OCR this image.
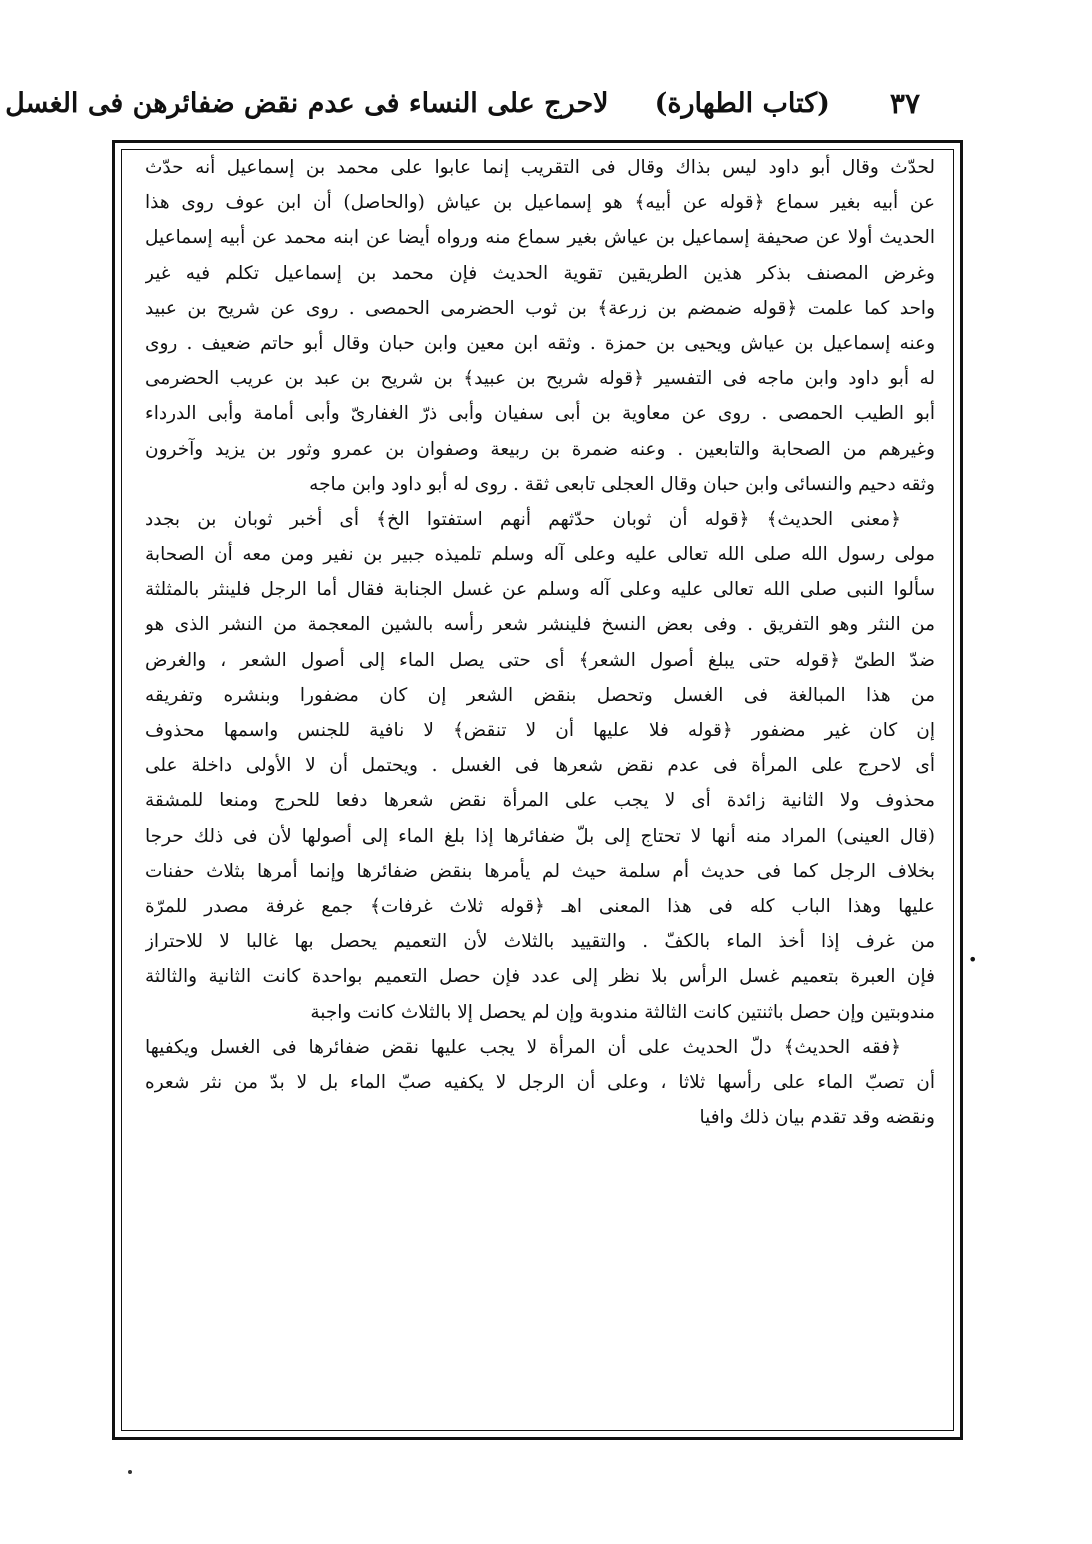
٣٧
(كتاب الطهارة)
لاحرج على النساء فى عدم نقض ضفائرهن فى الغسل
لحدّث وقال أبو داود ليس بذاك وقال فى التقريب إنما عابوا على محمد بن إسماعيل أنه حدّث
عن أبيه بغير سماع ﴿قوله عن أبيه﴾ هو إسماعيل بن عياش (والحاصل) أن ابن عوف روى هذا
الحديث أولا عن صحيفة إسماعيل بن عياش بغير سماع منه ورواه أيضا عن ابنه محمد عن أبيه إسماعيل
وغرض المصنف بذكر هذين الطريقين تقوية الحديث فإن محمد بن إسماعيل تكلم فيه غير
واحد كما علمت ﴿قوله ضمضم بن زرعة﴾ بن ثوب الحضرمى الحمصى . روى عن شريح بن عبيد
وعنه إسماعيل بن عياش ويحيى بن حمزة . وثقه ابن معين وابن حبان وقال أبو حاتم ضعيف . روى
له أبو داود وابن ماجه فى التفسير ﴿قوله شريح بن عبيد﴾ بن شريح بن عبد بن عريب الحضرمى
أبو الطيب الحمصى . روى عن معاوية بن أبى سفيان وأبى ذرّ الغفارىّ وأبى أمامة وأبى الدرداء
وغيرهم من الصحابة والتابعين . وعنه ضمرة بن ربيعة وصفوان بن عمرو وثور بن يزيد وآخرون
وثقه دحيم والنسائى وابن حبان وقال العجلى تابعى ثقة . روى له أبو داود وابن ماجه
﴿معنى الحديث﴾ ﴿قوله أن ثوبان حدّثهم أنهم استفتوا الخ﴾ أى أخبر ثوبان بن بجدد
مولى رسول الله صلى الله تعالى عليه وعلى آله وسلم تلميذه جبير بن نفير ومن معه أن الصحابة
سألوا النبى صلى الله تعالى عليه وعلى آله وسلم عن غسل الجنابة فقال أما الرجل فلينثر بالمثلثة
من النثر وهو التفريق . وفى بعض النسخ فلينشر شعر رأسه بالشين المعجمة من النشر الذى هو
ضدّ الطىّ ﴿قوله حتى يبلغ أصول الشعر﴾ أى حتى يصل الماء إلى أصول الشعر ، والغرض
من هذا المبالغة فى الغسل وتحصل بنقض الشعر إن كان مضفورا وبنشره وتفريقه
إن كان غير مضفور ﴿قوله فلا عليها أن لا تنقض﴾ لا نافية للجنس واسمها محذوف
أى لاحرج على المرأة فى عدم نقض شعرها فى الغسل . ويحتمل أن لا الأولى داخلة على
محذوف ولا الثانية زائدة أى لا يجب على المرأة نقض شعرها دفعا للحرج ومنعا للمشقة
(قال العينى) المراد منه أنها لا تحتاج إلى بلّ ضفائرها إذا بلغ الماء إلى أصولها لأن فى ذلك حرجا
بخلاف الرجل كما فى حديث أم سلمة حيث لم يأمرها بنقض ضفائرها وإنما أمرها بثلاث حفنات
عليها وهذا الباب كله فى هذا المعنى اهـ ﴿قوله ثلاث غرفات﴾ جمع غرفة مصدر للمرّة
من غرف إذا أخذ الماء بالكفّ . والتقييد بالثلاث لأن التعميم يحصل بها غالبا لا للاحتراز
فإن العبرة بتعميم غسل الرأس بلا نظر إلى عدد فإن حصل التعميم بواحدة كانت الثانية والثالثة
مندوبتين وإن حصل باثنتين كانت الثالثة مندوبة وإن لم يحصل إلا بالثلاث كانت واجبة
﴿فقه الحديث﴾ دلّ الحديث على أن المرأة لا يجب عليها نقض ضفائرها فى الغسل ويكفيها
أن تصبّ الماء على رأسها ثلاثا ، وعلى أن الرجل لا يكفيه صبّ الماء بل لا بدّ من نثر شعره
ونقضه وقد تقدم بيان ذلك وافيا
•
